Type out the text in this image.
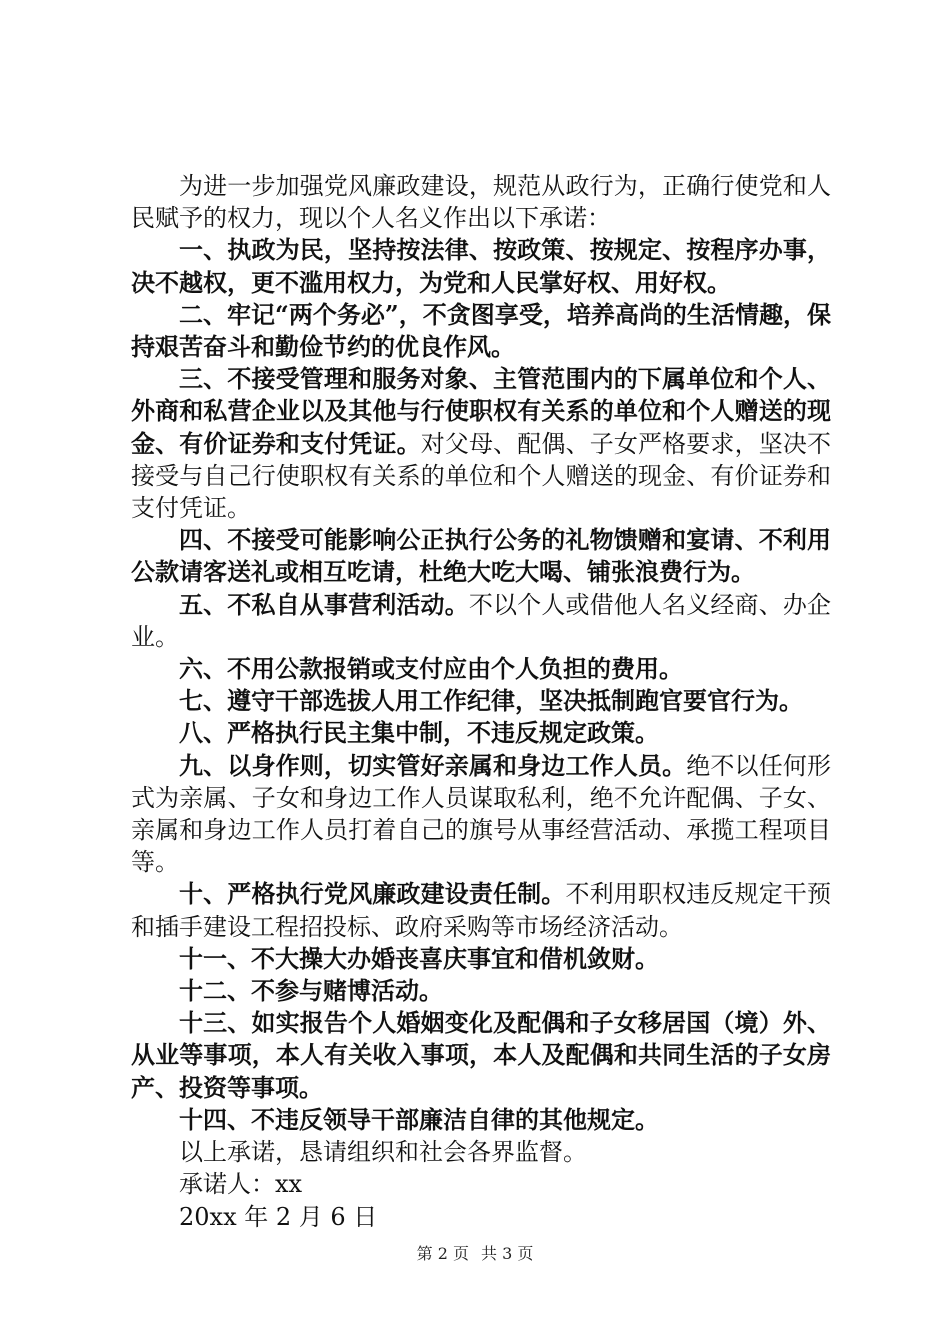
为进一步加强党风廉政建设，规范从政行为，正确行使党和人民赋予的权力，现以个人名义作出以下承诺：

一、执政为民，坚持按法律、按政策、按规定、按程序办事，决不越权，更不滥用权力，为党和人民掌好权、用好权。

二、牢记“两个务必”，不贪图享受，培养高尚的生活情趣，保持艰苦奋斗和勤俭节约的优良作风。

三、不接受管理和服务对象、主管范围内的下属单位和个人、外商和私营企业以及其他与行使职权有关系的单位和个人赠送的现金、有价证券和支付凭证。对父母、配偶、子女严格要求，坚决不接受与自己行使职权有关系的单位和个人赠送的现金、有价证券和支付凭证。

四、不接受可能影响公正执行公务的礼物馈赠和宴请、不利用公款请客送礼或相互吃请，杜绝大吃大喝、铺张浪费行为。

五、不私自从事营利活动。不以个人或借他人名义经商、办企业。

六、不用公款报销或支付应由个人负担的费用。

七、遵守干部选拔人用工作纪律，坚决抵制跑官要官行为。

八、严格执行民主集中制，不违反规定政策。

九、以身作则，切实管好亲属和身边工作人员。绝不以任何形式为亲属、子女和身边工作人员谋取私利，绝不允许配偶、子女、亲属和身边工作人员打着自己的旗号从事经营活动、承揽工程项目等。

十、严格执行党风廉政建设责任制。不利用职权违反规定干预和插手建设工程招投标、政府采购等市场经济活动。

十一、不大操大办婚丧喜庆事宜和借机敛财。

十二、不参与赌博活动。

十三、如实报告个人婚姻变化及配偶和子女移居国（境）外、从业等事项，本人有关收入事项，本人及配偶和共同生活的子女房产、投资等事项。

十四、不违反领导干部廉洁自律的其他规定。

以上承诺，恳请组织和社会各界监督。

承诺人：xx

20xx 年 2 月 6 日

第 2 页 共 3 页
